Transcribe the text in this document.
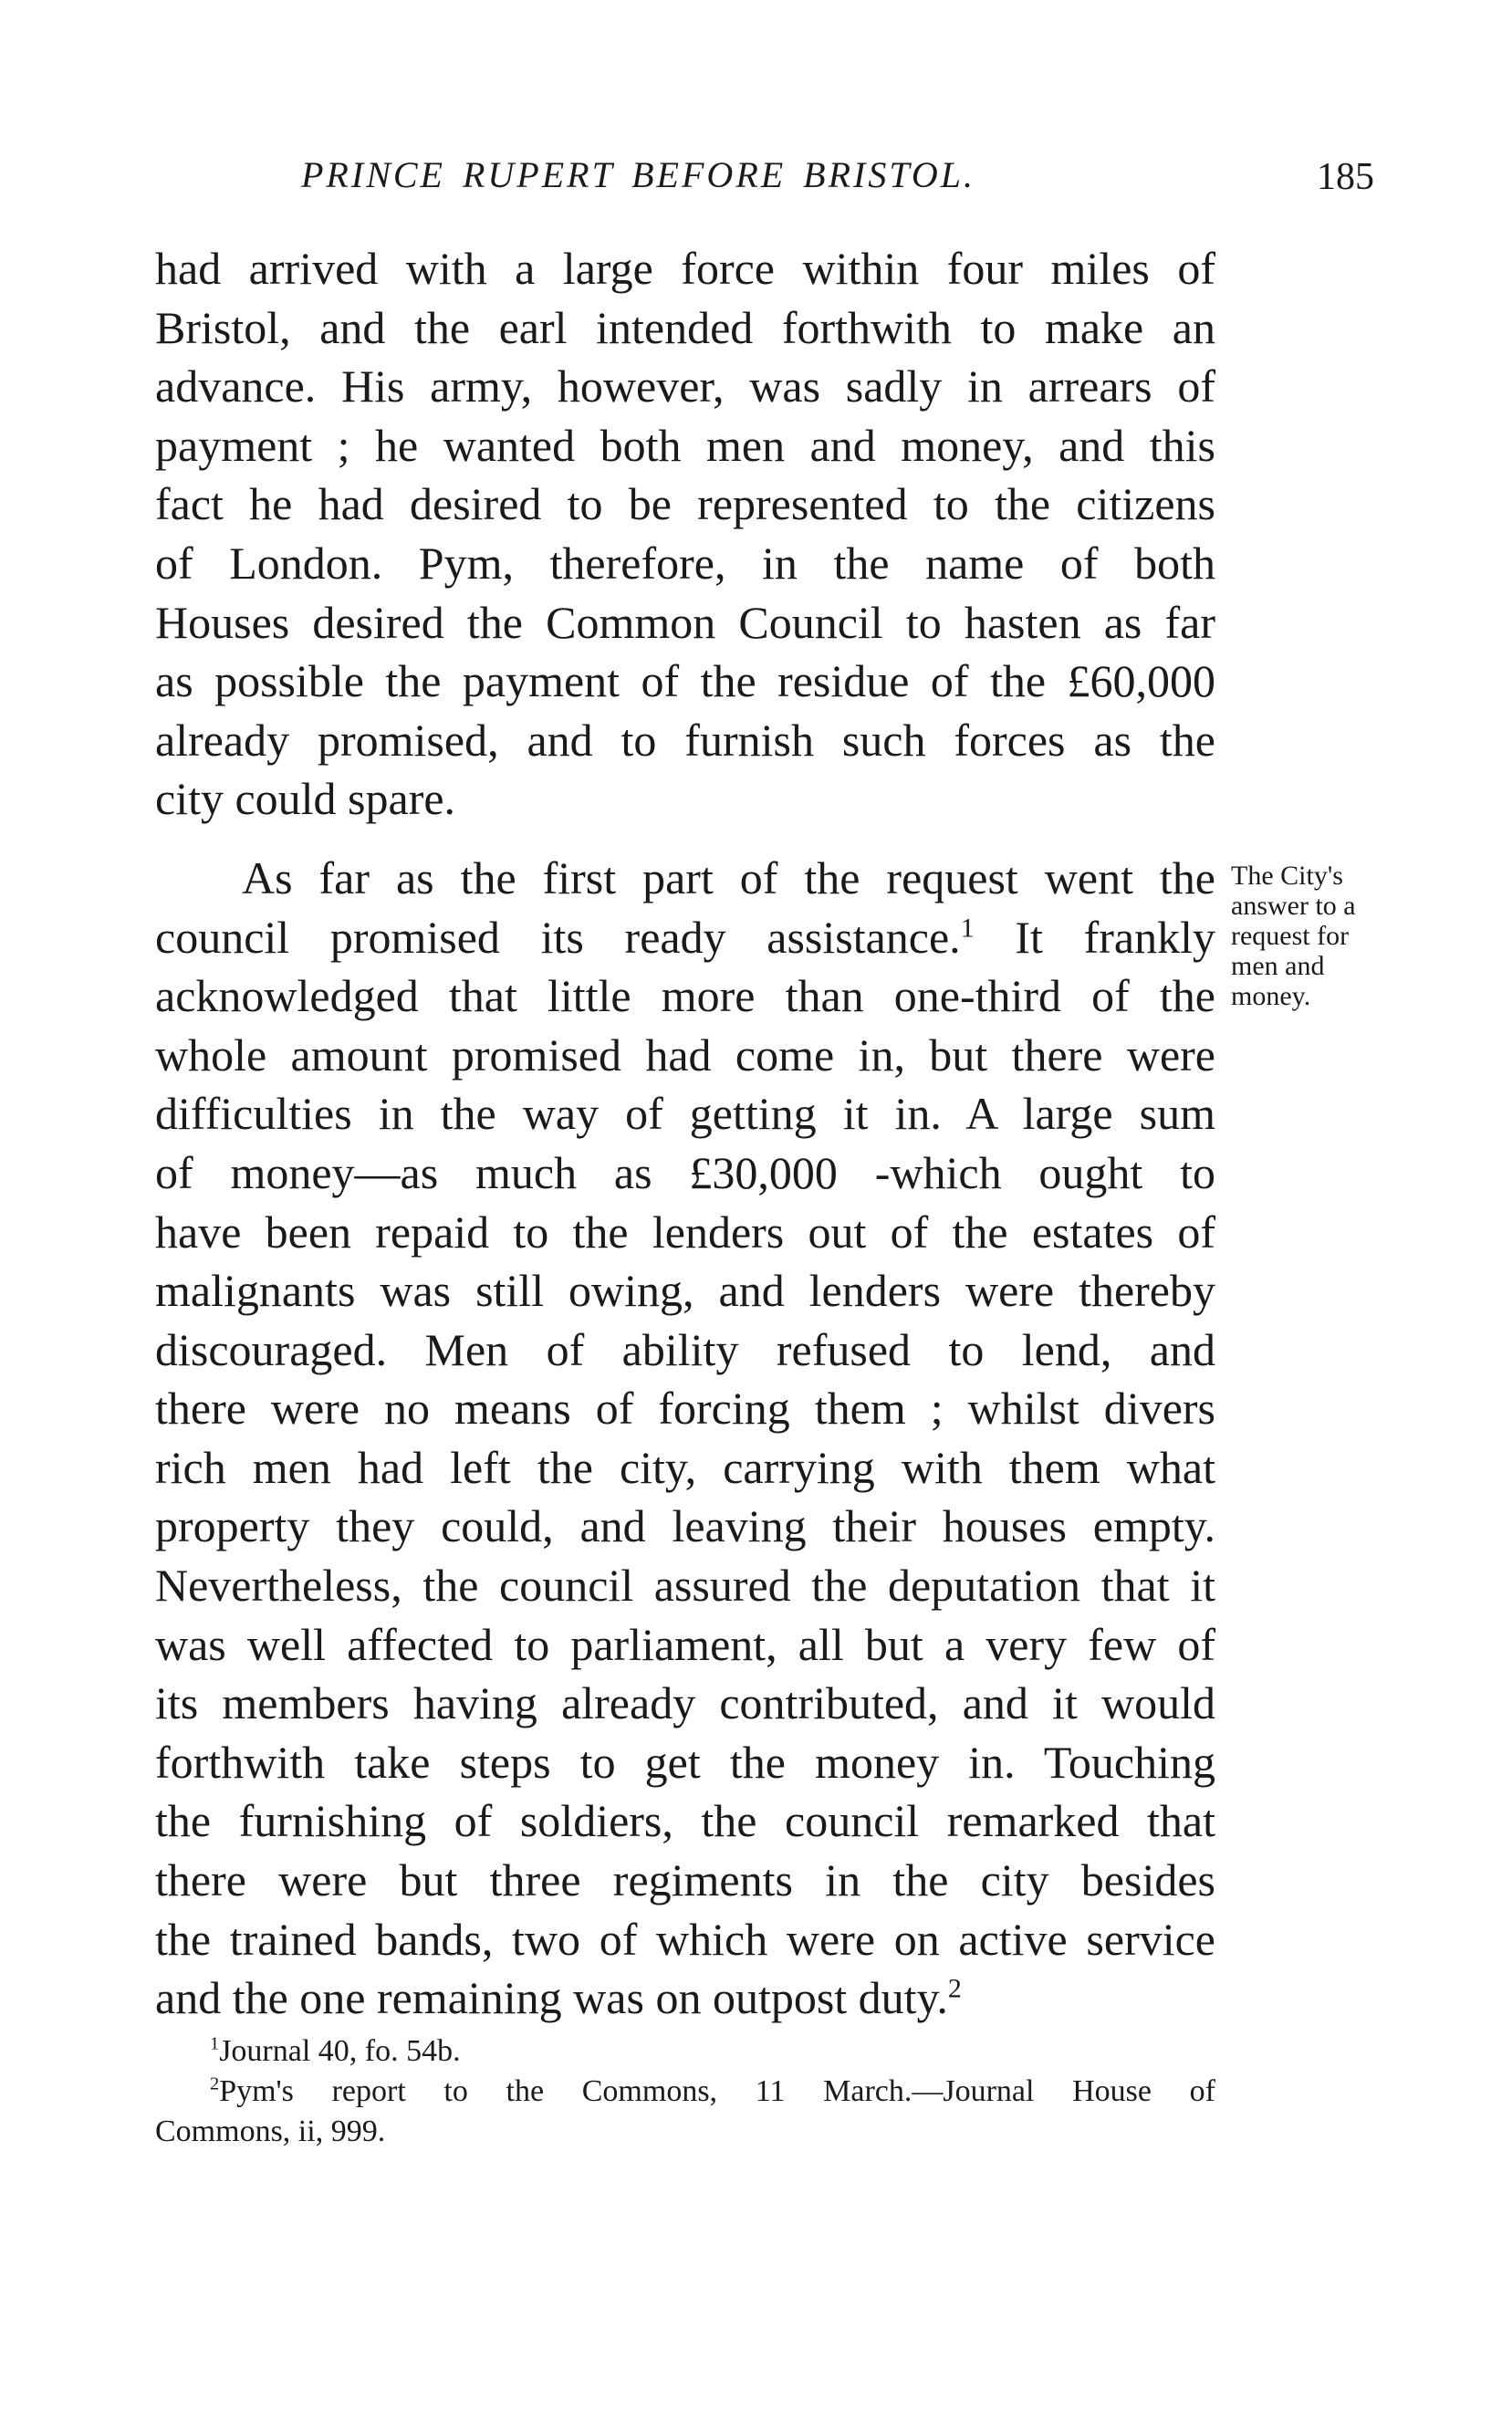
PRINCE RUPERT BEFORE BRISTOL.	185

had arrived with a large force within four miles of
Bristol, and the earl intended forthwith to make an
advance. His army, however, was sadly in arrears of
payment ; he wanted both men and money, and this
fact he had desired to be represented to the citizens
of London. Pym, therefore, in the name of both
Houses desired the Common Council to hasten as far
as possible the payment of the residue of the £60,000
already promised, and to furnish such forces as the
city could spare.

As far as the first part of the request went the
council promised its ready assistance.$^1$ It frankly
acknowledged that little more than one-third of the
whole amount promised had come in, but there were
difficulties in the way of getting it in. A large sum
of money—as much as £30,000 -which ought to
have been repaid to the lenders out of the estates of
malignants was still owing, and lenders were thereby
discouraged. Men of ability refused to lend, and
there were no means of forcing them ; whilst divers
rich men had left the city, carrying with them what
property they could, and leaving their houses empty.
Nevertheless, the council assured the deputation that it
was well affected to parliament, all but a very few of
its members having already contributed, and it would
forthwith take steps to get the money in. Touching
the furnishing of soldiers, the council remarked that
there were but three regiments in the city besides
the trained bands, two of which were on active service
and the one remaining was on outpost duty.$^2$

The City's
answer to a
request for
men and
money.

$^1$Journal 40, fo. 54b.

$^2$Pym's report to the Commons, 11 March.—Journal House of

Commons, ii, 999.
